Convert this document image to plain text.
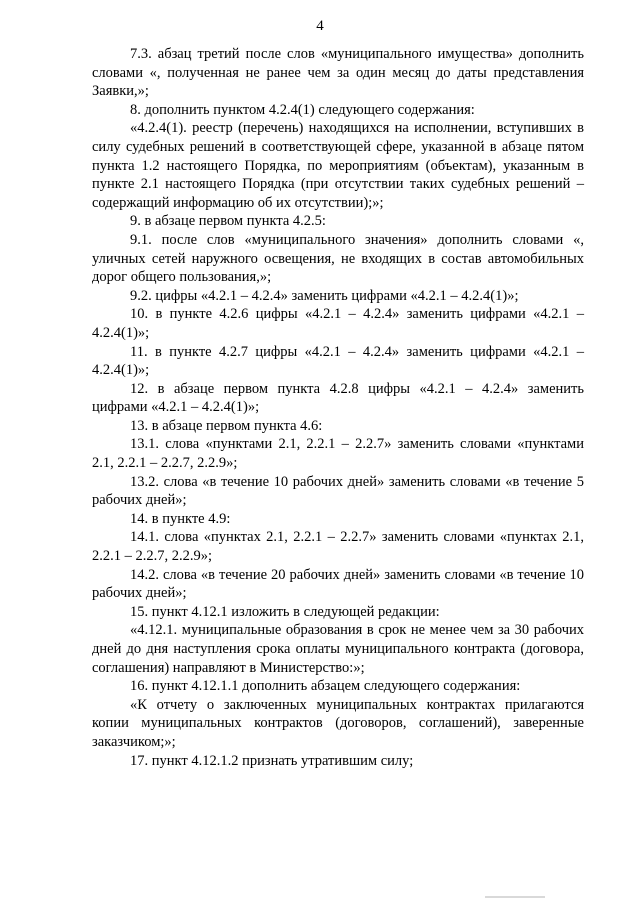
4

7.3. абзац третий после слов «муниципального имущества» дополнить словами «, полученная не ранее чем за один месяц до даты представления Заявки,»;

8. дополнить пунктом 4.2.4(1) следующего содержания:

«4.2.4(1). реестр (перечень) находящихся на исполнении, вступивших в силу судебных решений в соответствующей сфере, указанной в абзаце пятом пункта 1.2 настоящего Порядка, по мероприятиям (объектам), указанным в пункте 2.1 настоящего Порядка (при отсутствии таких судебных решений – содержащий информацию об их отсутствии);»;

9. в абзаце первом пункта 4.2.5:

9.1. после слов «муниципального значения» дополнить словами «, уличных сетей наружного освещения, не входящих в состав автомобильных дорог общего пользования,»;

9.2. цифры «4.2.1 – 4.2.4» заменить цифрами «4.2.1 – 4.2.4(1)»;

10. в пункте 4.2.6 цифры «4.2.1 – 4.2.4» заменить цифрами «4.2.1 – 4.2.4(1)»;

11. в пункте 4.2.7 цифры «4.2.1 – 4.2.4» заменить цифрами «4.2.1 – 4.2.4(1)»;

12. в абзаце первом пункта 4.2.8 цифры «4.2.1 – 4.2.4» заменить цифрами «4.2.1 – 4.2.4(1)»;

13. в абзаце первом пункта 4.6:

13.1. слова «пунктами 2.1, 2.2.1 – 2.2.7» заменить словами «пунктами 2.1, 2.2.1 – 2.2.7, 2.2.9»;

13.2. слова «в течение 10 рабочих дней» заменить словами «в течение 5 рабочих дней»;

14. в пункте 4.9:

14.1. слова «пунктах 2.1, 2.2.1 – 2.2.7» заменить словами «пунктах 2.1, 2.2.1 – 2.2.7, 2.2.9»;

14.2. слова «в течение 20 рабочих дней» заменить словами «в течение 10 рабочих дней»;

15. пункт 4.12.1 изложить в следующей редакции:

«4.12.1. муниципальные образования в срок не менее чем за 30 рабочих дней до дня наступления срока оплаты муниципального контракта (договора, соглашения) направляют в Министерство:»;

16. пункт 4.12.1.1 дополнить абзацем следующего содержания:

«К отчету о заключенных муниципальных контрактах прилагаются копии муниципальных контрактов (договоров, соглашений), заверенные заказчиком;»;

17. пункт 4.12.1.2 признать утратившим силу;
